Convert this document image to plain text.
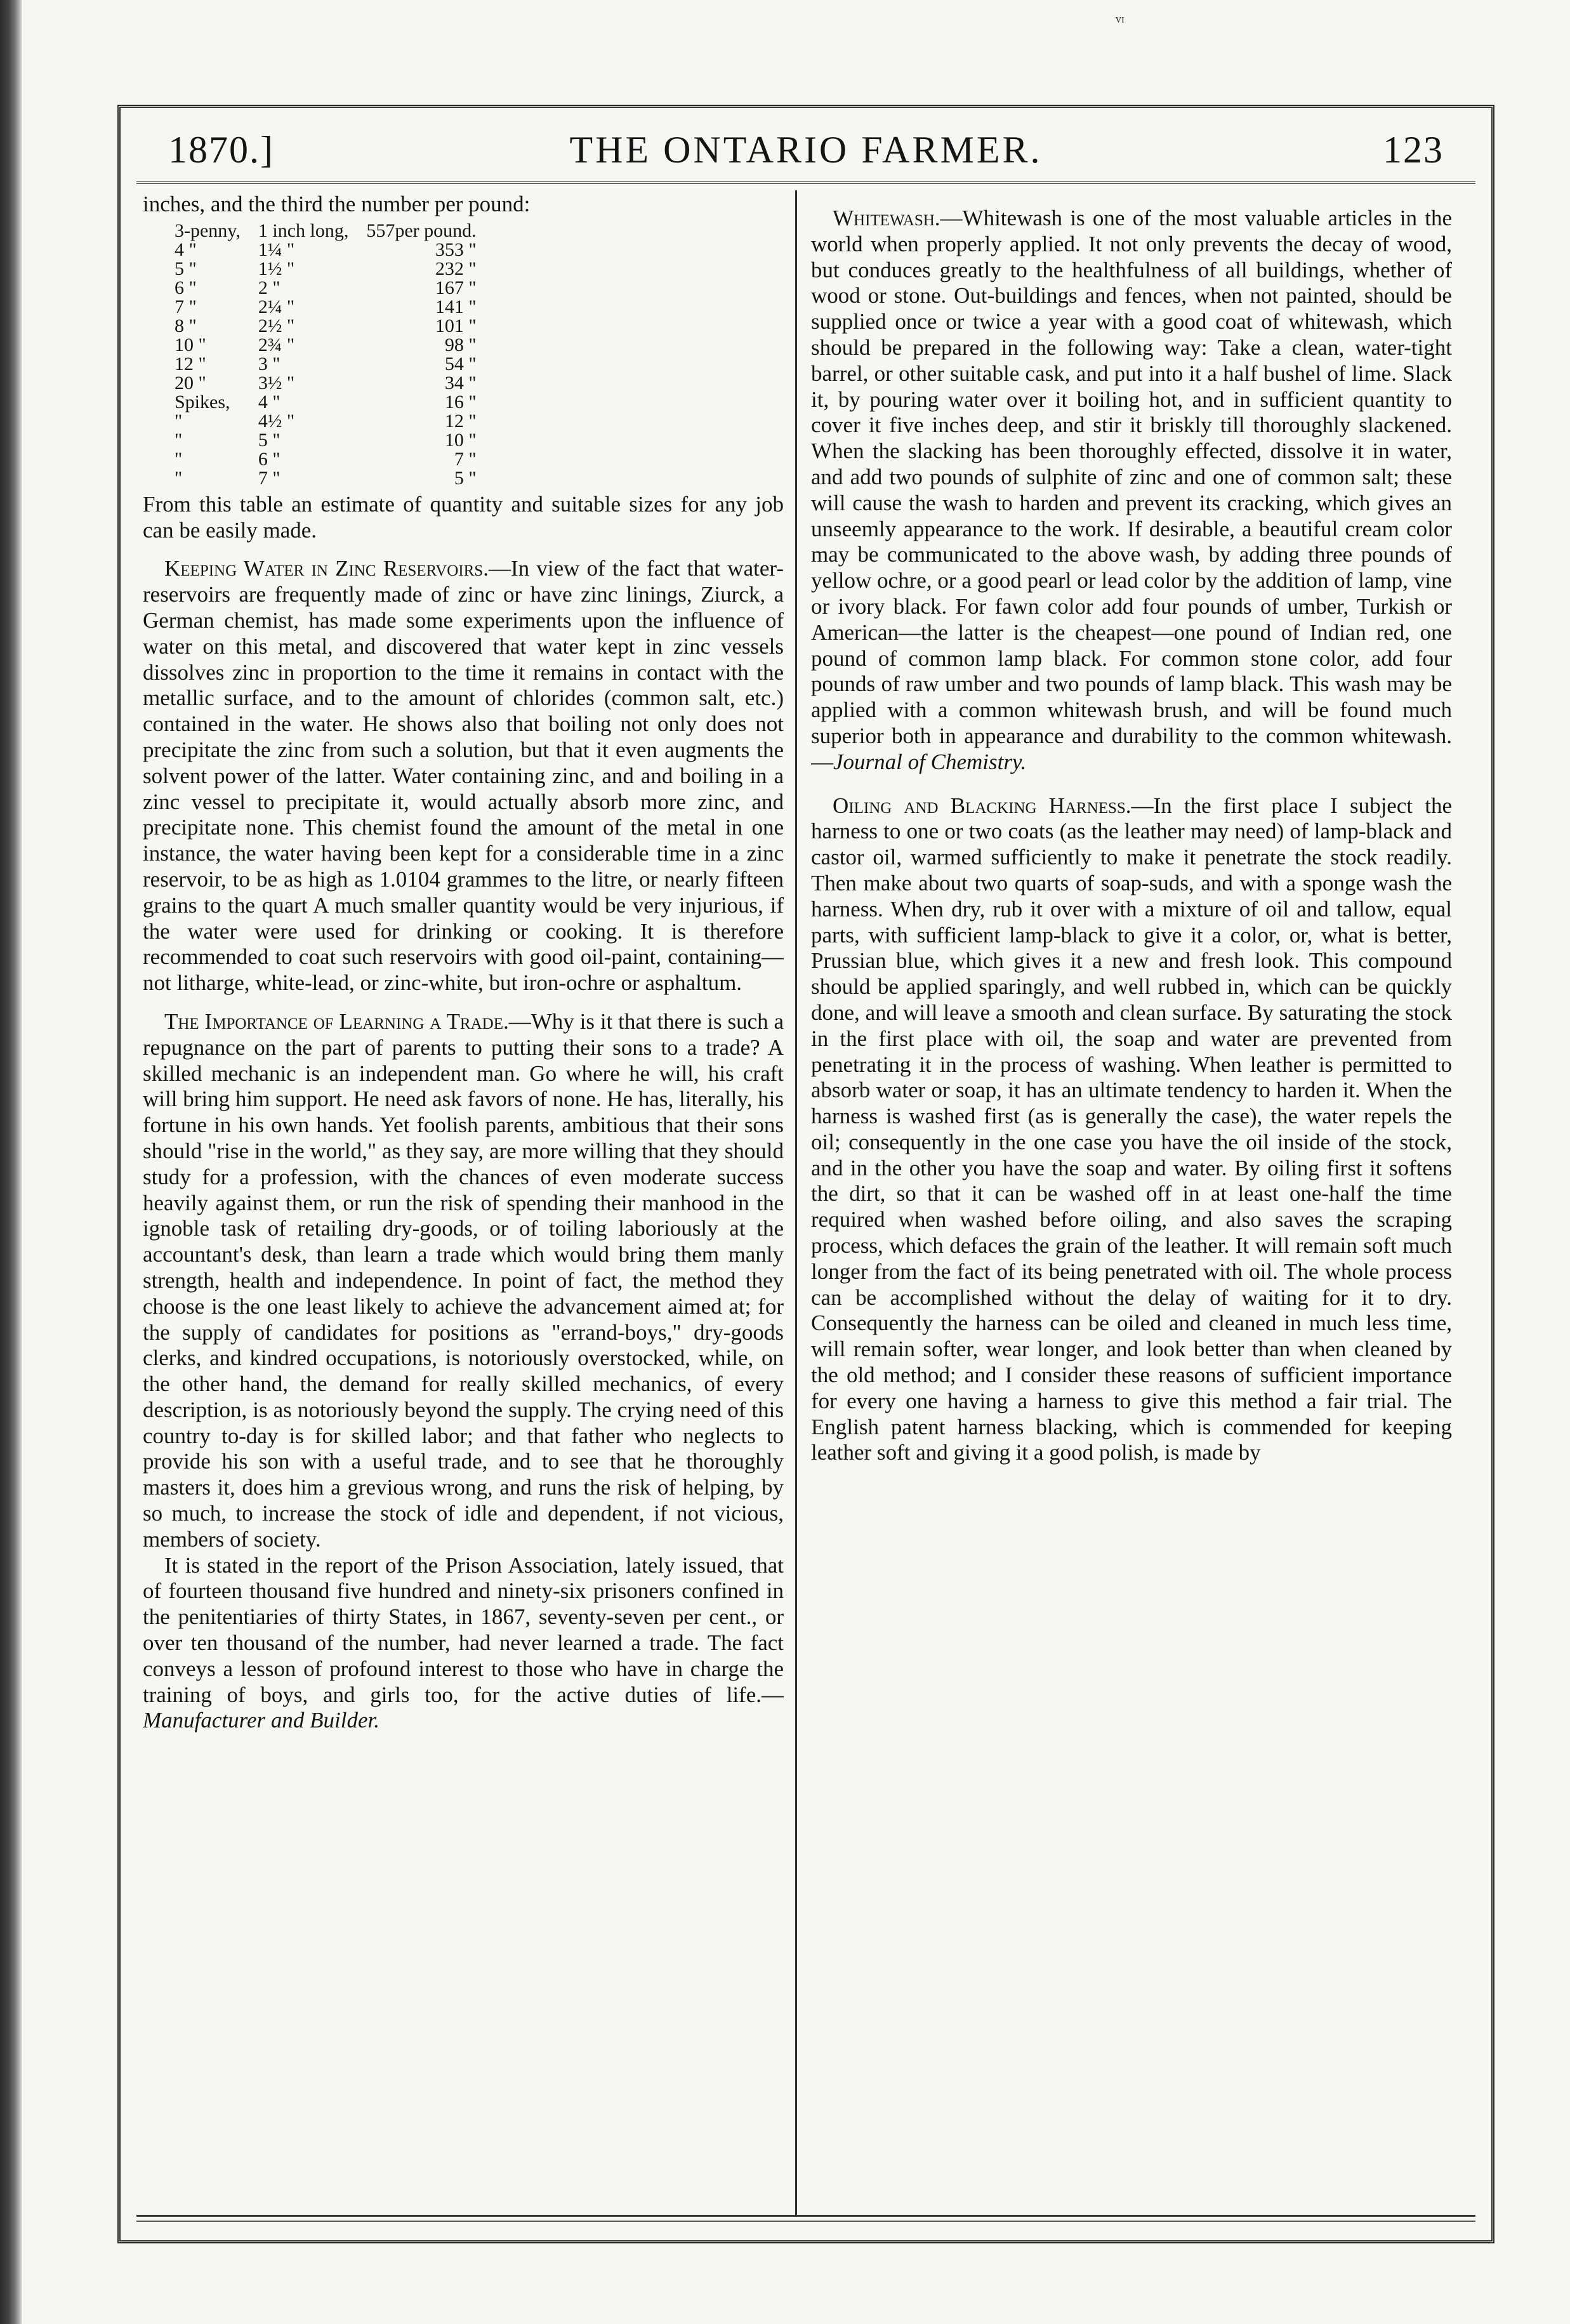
ᵛᶦ
1870.]	THE ONTARIO FARMER.	123

inches, and the third the number per pound:

3-penny,	1 inch long,	557per pound.
4 "	1¼ "	353 "
5 "	1½ "	232 "
6 "	2 "	167 "
7 "	2¼ "	141 "
8 "	2½ "	101 "
10 "	2¾ "	98 "
12 "	3 "	54 "
20 "	3½ "	34 "
Spikes,	4 "	16 "
"	4½ "	12 "
"	5 "	10 "
"	6 "	7 "
"	7 "	5 "

From this table an estimate of quantity and suitable sizes for any job can be easily made.

Keeping Water in Zinc Reservoirs.—In view of the fact that water-reservoirs are frequently made of zinc or have zinc linings, Ziurck, a German chemist, has made some experiments upon the influence of water on this metal, and discovered that water kept in zinc vessels dissolves zinc in proportion to the time it remains in contact with the metallic surface, and to the amount of chlorides (common salt, etc.) contained in the water. He shows also that boiling not only does not precipitate the zinc from such a solution, but that it even augments the solvent power of the latter. Water containing zinc, and and boiling in a zinc vessel to precipitate it, would actually absorb more zinc, and precipitate none. This chemist found the amount of the metal in one instance, the water having been kept for a considerable time in a zinc reservoir, to be as high as 1.0104 grammes to the litre, or nearly fifteen grains to the quart A much smaller quantity would be very injurious, if the water were used for drinking or cooking. It is therefore recommended to coat such reservoirs with good oil-paint, containing—not litharge, white-lead, or zinc-white, but iron-ochre or asphaltum.

The Importance of Learning a Trade.—Why is it that there is such a repugnance on the part of parents to putting their sons to a trade? A skilled mechanic is an independent man. Go where he will, his craft will bring him support. He need ask favors of none. He has, literally, his fortune in his own hands. Yet foolish parents, ambitious that their sons should "rise in the world," as they say, are more willing that they should study for a profession, with the chances of even moderate success heavily against them, or run the risk of spending their manhood in the ignoble task of retailing dry-goods, or of toiling laboriously at the accountant's desk, than learn a trade which would bring them manly strength, health and independence. In point of fact, the method they choose is the one least likely to achieve the advancement aimed at; for the supply of candidates for positions as "errand-boys," dry-goods clerks, and kindred occupations, is notoriously overstocked, while, on the other hand, the demand for really skilled mechanics, of every description, is as notoriously beyond the supply. The crying need of this country to-day is for skilled labor; and that father who neglects to provide his son with a useful trade, and to see that he thoroughly masters it, does him a grevious wrong, and runs the risk of helping, by so much, to increase the stock of idle and dependent, if not vicious, members of society.

It is stated in the report of the Prison Association, lately issued, that of fourteen thousand five hundred and ninety-six prisoners confined in the penitentiaries of thirty States, in 1867, seventy-seven per cent., or over ten thousand of the number, had never learned a trade. The fact conveys a lesson of profound interest to those who have in charge the training of boys, and girls too, for the active duties of life.—Manufacturer and Builder.

Whitewash.—Whitewash is one of the most valuable articles in the world when properly applied. It not only prevents the decay of wood, but conduces greatly to the healthfulness of all buildings, whether of wood or stone. Out-buildings and fences, when not painted, should be supplied once or twice a year with a good coat of whitewash, which should be prepared in the following way: Take a clean, water-tight barrel, or other suitable cask, and put into it a half bushel of lime. Slack it, by pouring water over it boiling hot, and in sufficient quantity to cover it five inches deep, and stir it briskly till thoroughly slackened. When the slacking has been thoroughly effected, dissolve it in water, and add two pounds of sulphite of zinc and one of common salt; these will cause the wash to harden and prevent its cracking, which gives an unseemly appearance to the work. If desirable, a beautiful cream color may be communicated to the above wash, by adding three pounds of yellow ochre, or a good pearl or lead color by the addition of lamp, vine or ivory black. For fawn color add four pounds of umber, Turkish or American—the latter is the cheapest—one pound of Indian red, one pound of common lamp black. For common stone color, add four pounds of raw umber and two pounds of lamp black. This wash may be applied with a common whitewash brush, and will be found much superior both in appearance and durability to the common whitewash.—Journal of Chemistry.

Oiling and Blacking Harness.—In the first place I subject the harness to one or two coats (as the leather may need) of lamp-black and castor oil, warmed sufficiently to make it penetrate the stock readily. Then make about two quarts of soap-suds, and with a sponge wash the harness. When dry, rub it over with a mixture of oil and tallow, equal parts, with sufficient lamp-black to give it a color, or, what is better, Prussian blue, which gives it a new and fresh look. This compound should be applied sparingly, and well rubbed in, which can be quickly done, and will leave a smooth and clean surface. By saturating the stock in the first place with oil, the soap and water are prevented from penetrating it in the process of washing. When leather is permitted to absorb water or soap, it has an ultimate tendency to harden it. When the harness is washed first (as is generally the case), the water repels the oil; consequently in the one case you have the oil inside of the stock, and in the other you have the soap and water. By oiling first it softens the dirt, so that it can be washed off in at least one-half the time required when washed before oiling, and also saves the scraping process, which defaces the grain of the leather. It will remain soft much longer from the fact of its being penetrated with oil. The whole process can be accomplished without the delay of waiting for it to dry. Consequently the harness can be oiled and cleaned in much less time, will remain softer, wear longer, and look better than when cleaned by the old method; and I consider these reasons of sufficient importance for every one having a harness to give this method a fair trial. The English patent harness blacking, which is commended for keeping leather soft and giving it a good polish, is made by
